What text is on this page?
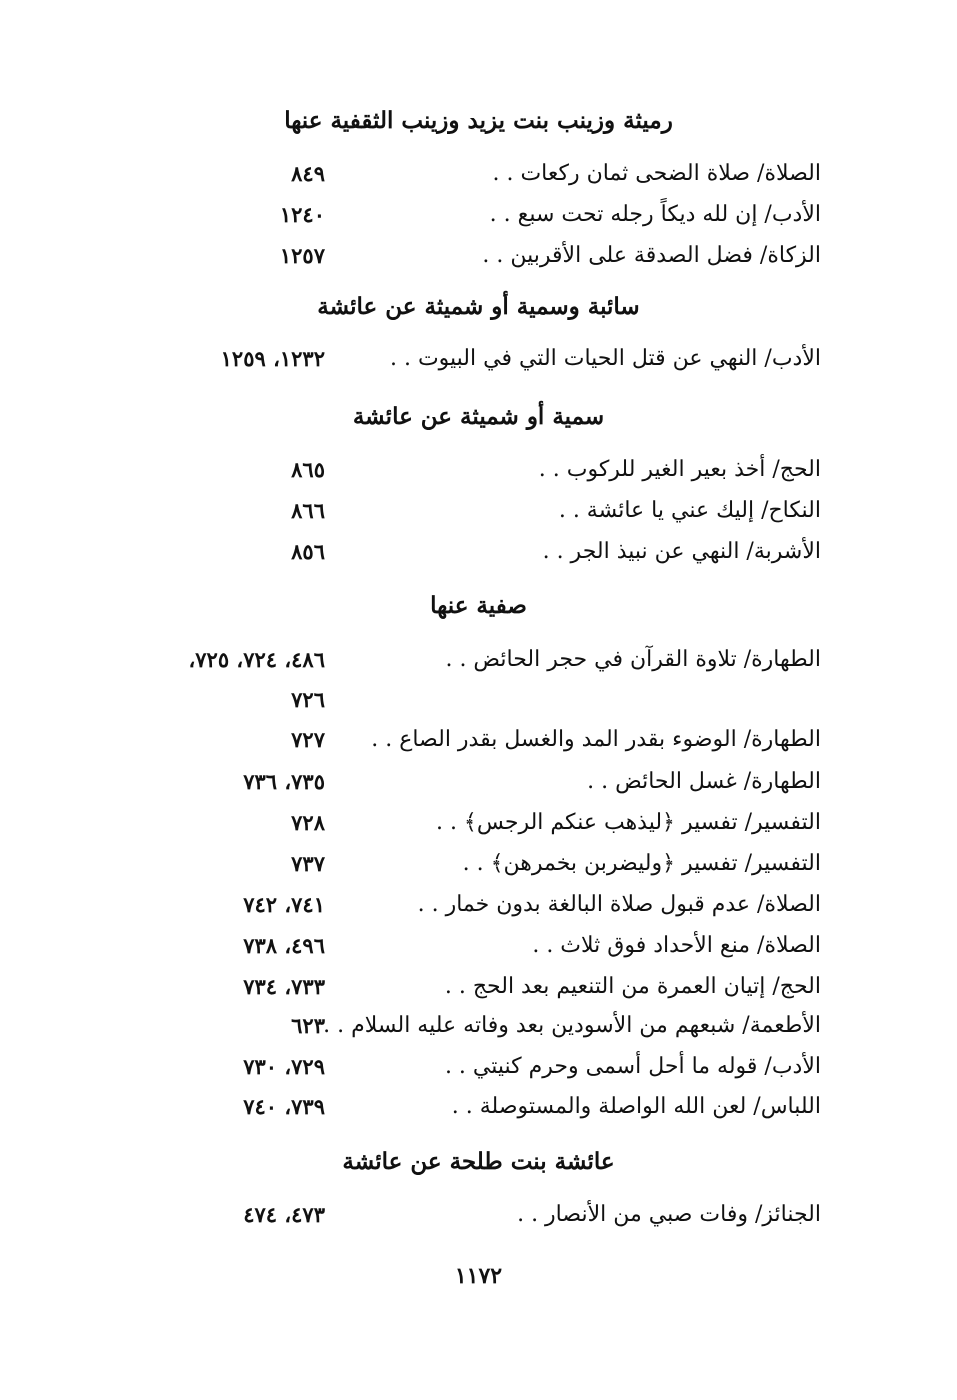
رميثة وزينب بنت يزيد وزينب الثقفية عنها
الصلاة/ صلاة الضحى ثمان ركعات . .
٨٤٩
الأدب/ إن لله ديكاً رجله تحت سبع . .
١٢٤٠
الزكاة/ فضل الصدقة على الأقربين . .
١٢٥٧
سائبة وسمية أو شميثة عن عائشة
الأدب/ النهي عن قتل الحيات التي في البيوت . .
١٢٣٢، ١٢٥٩
سمية أو شميثة عن عائشة
الحج/ أخذ بعير الغير للركوب . .
٨٦٥
النكاح/ إليك عني يا عائشة . .
٨٦٦
الأشربة/ النهي عن نبيذ الجر . .
٨٥٦
صفية عنها
الطهارة/ تلاوة القرآن في حجر الحائض . .
٤٨٦، ٧٢٤، ٧٢٥،
٧٢٦
الطهارة/ الوضوء بقدر المد والغسل بقدر الصاع . .
٧٢٧
الطهارة/ غسل الحائض . .
٧٣٥، ٧٣٦
التفسير/ تفسير ﴿ليذهب عنكم الرجس﴾ . .
٧٢٨
التفسير/ تفسير ﴿وليضربن بخمرهن﴾ . .
٧٣٧
الصلاة/ عدم قبول صلاة البالغة بدون خمار . .
٧٤١، ٧٤٢
الصلاة/ منع الأحداد فوق ثلاث . .
٤٩٦، ٧٣٨
الحج/ إتيان العمرة من التنعيم بعد الحج . .
٧٣٣، ٧٣٤
الأطعمة/ شبعهم من الأسودين بعد وفاته عليه السلام . .
٦٢٣
الأدب/ قوله ما أحل أسمى وحرم كنيتي . .
٧٢٩، ٧٣٠
اللباس/ لعن الله الواصلة والمستوصلة . .
٧٣٩، ٧٤٠
عائشة بنت طلحة عن عائشة
الجنائز/ وفات صبي من الأنصار . .
٤٧٣، ٤٧٤
١١٧٢
